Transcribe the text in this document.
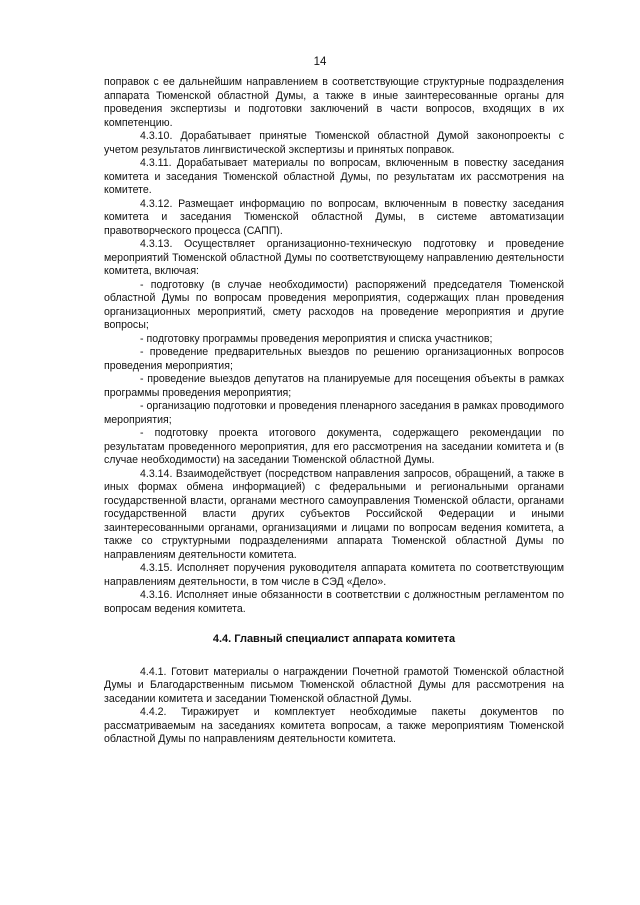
14

поправок с ее дальнейшим направлением в соответствующие структурные подразделения аппарата Тюменской областной Думы, а также в иные заинтересованные органы для проведения экспертизы и подготовки заключений в части вопросов, входящих в их компетенцию.

4.3.10. Дорабатывает принятые Тюменской областной Думой законопроекты с учетом результатов лингвистической экспертизы и принятых поправок.

4.3.11. Дорабатывает материалы по вопросам, включенным в повестку заседания комитета и заседания Тюменской областной Думы, по результатам их рассмотрения на комитете.

4.3.12. Размещает информацию по вопросам, включенным в повестку заседания комитета и заседания Тюменской областной Думы, в системе автоматизации правотворческого процесса (САПП).

4.3.13. Осуществляет организационно-техническую подготовку и проведение мероприятий Тюменской областной Думы по соответствующему направлению деятельности комитета, включая:

- подготовку (в случае необходимости) распоряжений председателя Тюменской областной Думы по вопросам проведения мероприятия, содержащих план проведения организационных мероприятий, смету расходов на проведение мероприятия и другие вопросы;

- подготовку программы проведения мероприятия и списка участников;

- проведение предварительных выездов по решению организационных вопросов проведения мероприятия;

- проведение выездов депутатов на планируемые для посещения объекты в рамках программы проведения мероприятия;

- организацию подготовки и проведения пленарного заседания в рамках проводимого мероприятия;

- подготовку проекта итогового документа, содержащего рекомендации по результатам проведенного мероприятия, для его рассмотрения на заседании комитета и (в случае необходимости) на заседании Тюменской областной Думы.

4.3.14. Взаимодействует (посредством направления запросов, обращений, а также в иных формах обмена информацией) с федеральными и региональными органами государственной власти, органами местного самоуправления Тюменской области, органами государственной власти других субъектов Российской Федерации и иными заинтересованными органами, организациями и лицами по вопросам ведения комитета, а также со структурными подразделениями аппарата Тюменской областной Думы по направлениям деятельности комитета.

4.3.15. Исполняет поручения руководителя аппарата комитета по соответствующим направлениям деятельности, в том числе в СЭД «Дело».

4.3.16. Исполняет иные обязанности в соответствии с должностным регламентом по вопросам ведения комитета.

4.4. Главный специалист аппарата комитета

4.4.1. Готовит материалы о награждении Почетной грамотой Тюменской областной Думы и Благодарственным письмом Тюменской областной Думы для рассмотрения на заседании комитета и заседании Тюменской областной Думы.

4.4.2. Тиражирует и комплектует необходимые пакеты документов по рассматриваемым на заседаниях комитета вопросам, а также мероприятиям Тюменской областной Думы по направлениям деятельности комитета.
